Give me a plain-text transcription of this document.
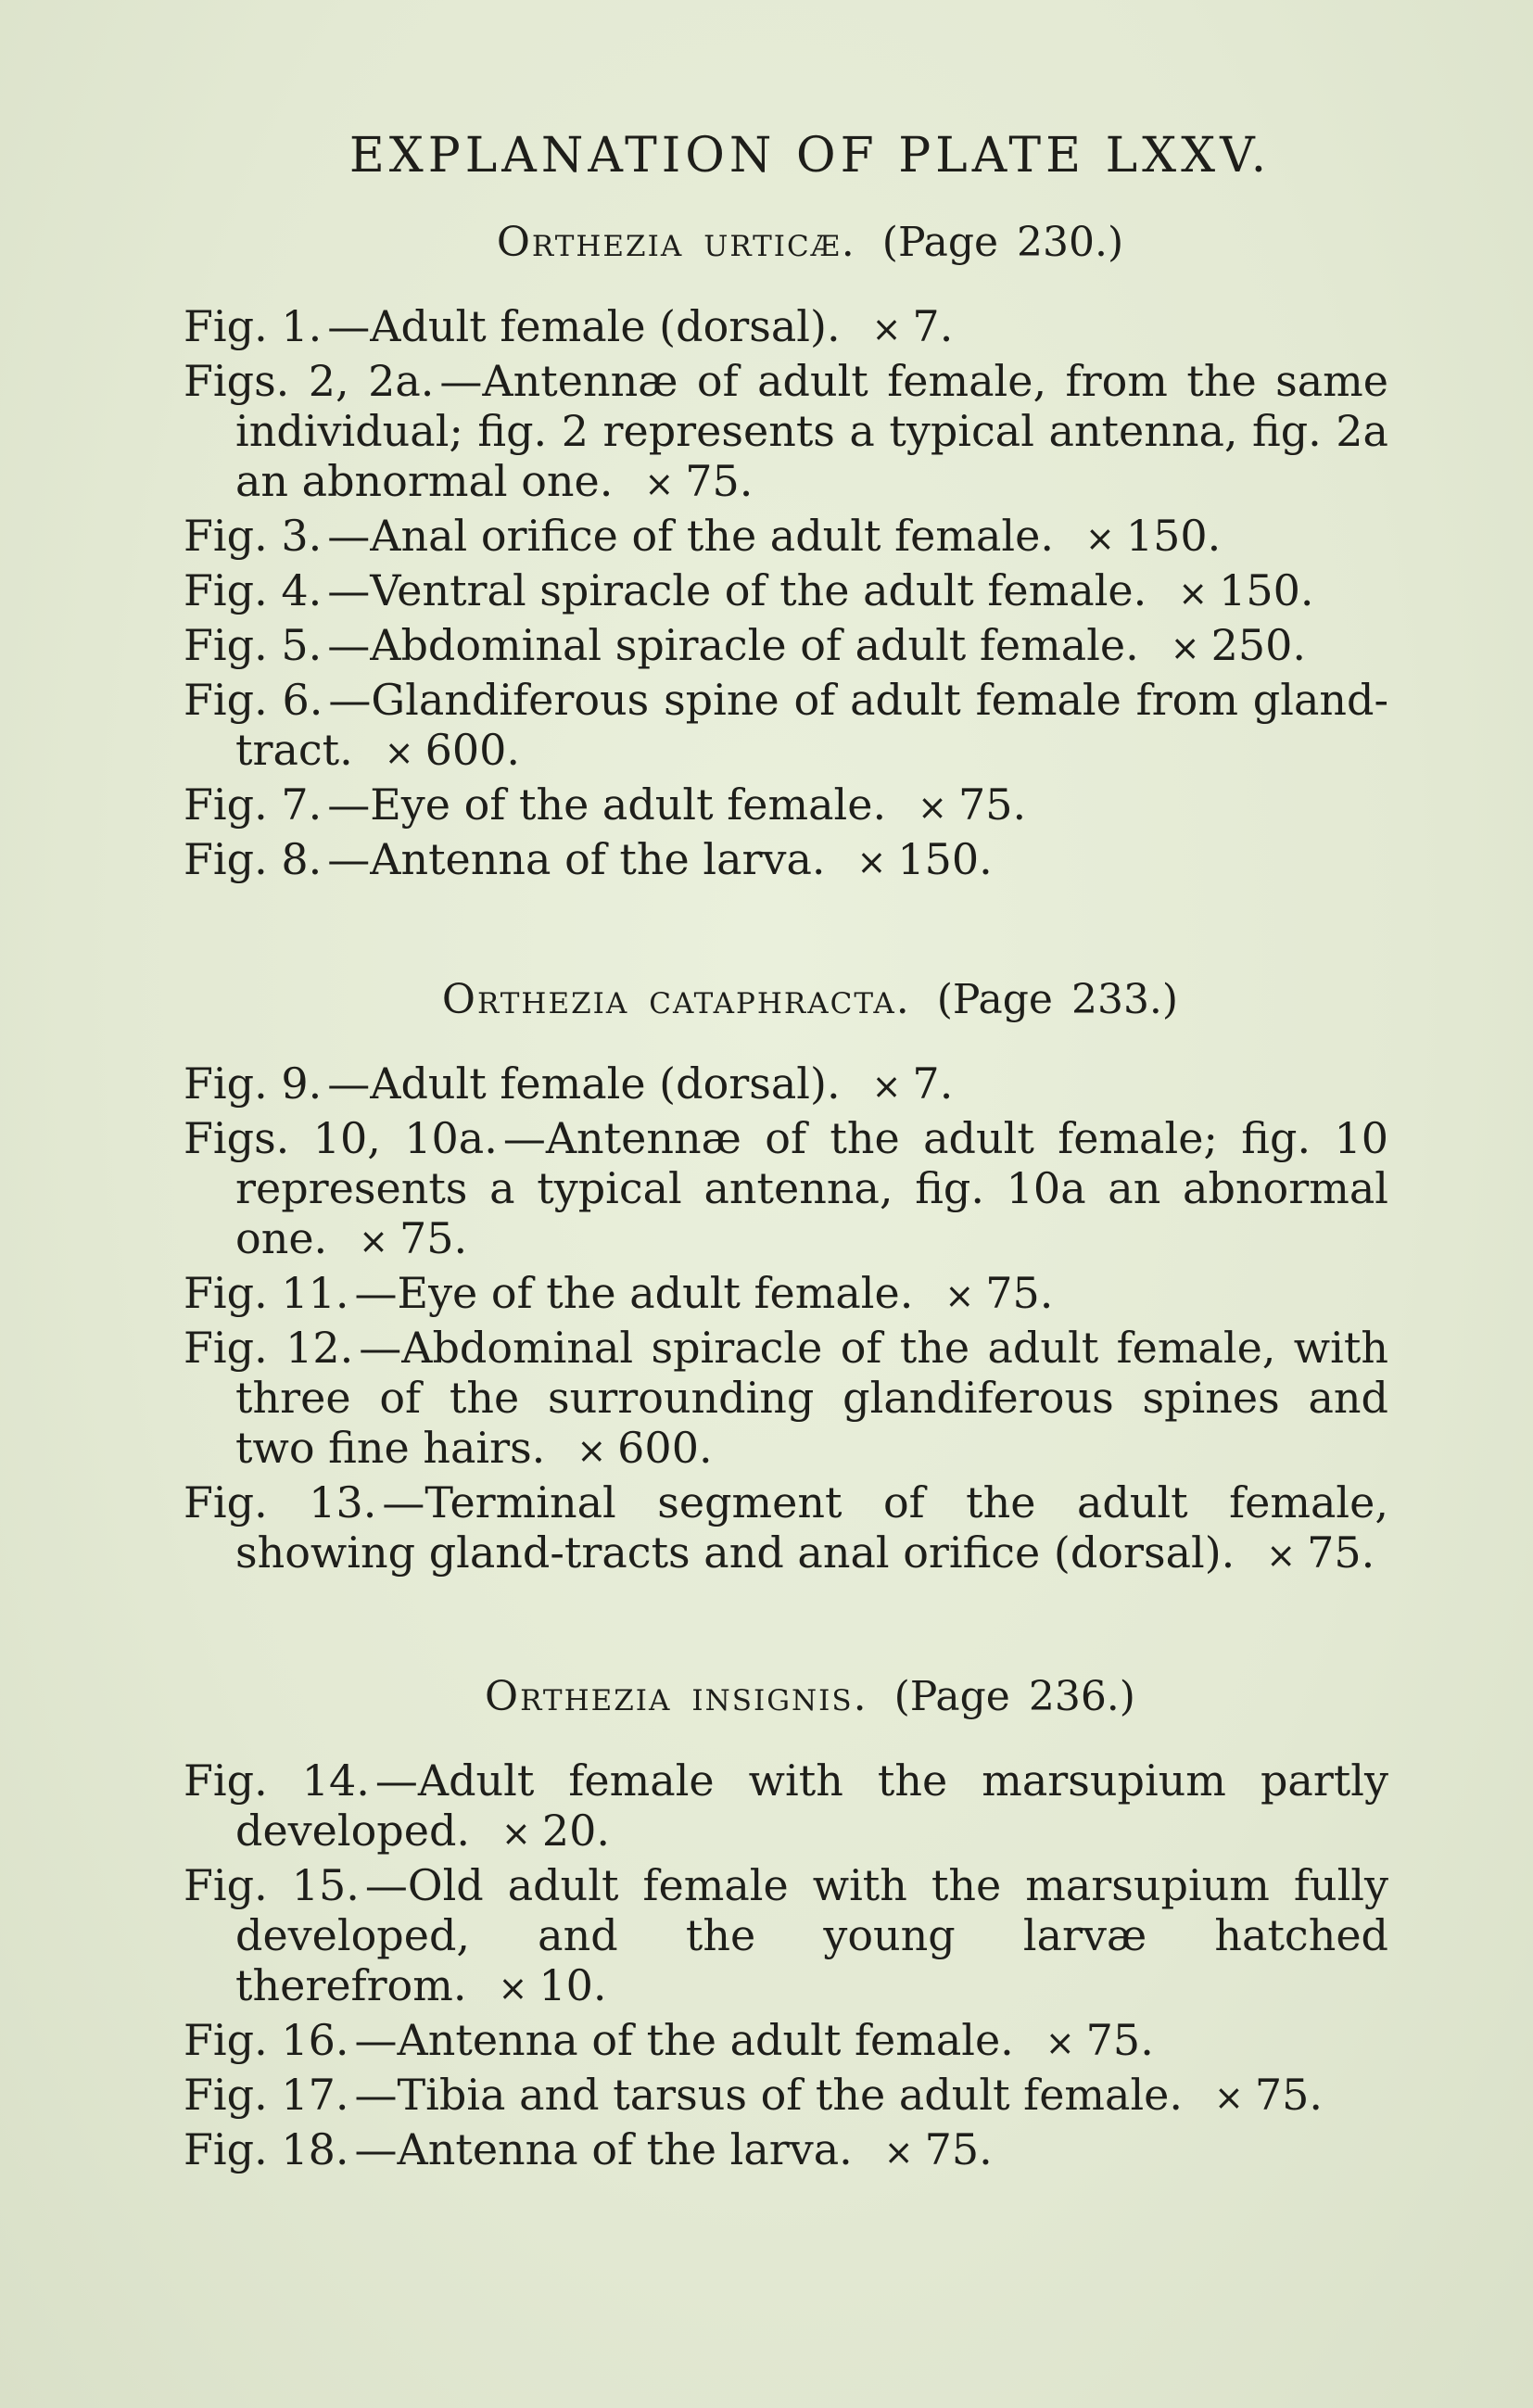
EXPLANATION OF PLATE LXXV.
Orthezia urticæ. (Page 230.)
Fig. 1. —Adult female (dorsal). × 7.
Figs. 2, 2a. —Antennæ of adult female, from the same individual; fig. 2 represents a typical antenna, fig. 2a an abnormal one. × 75.
Fig. 3. —Anal orifice of the adult female. × 150.
Fig. 4. —Ventral spiracle of the adult female. × 150.
Fig. 5. —Abdominal spiracle of adult female. × 250.
Fig. 6. —Glandiferous spine of adult female from gland-tract. × 600.
Fig. 7. —Eye of the adult female. × 75.
Fig. 8. —Antenna of the larva. × 150.
Orthezia cataphracta. (Page 233.)
Fig. 9. —Adult female (dorsal). × 7.
Figs. 10, 10a. —Antennæ of the adult female; fig. 10 represents a typical antenna, fig. 10a an abnormal one. × 75.
Fig. 11. —Eye of the adult female. × 75.
Fig. 12. —Abdominal spiracle of the adult female, with three of the surrounding glandiferous spines and two fine hairs. × 600.
Fig. 13. —Terminal segment of the adult female, showing gland-tracts and anal orifice (dorsal). × 75.
Orthezia insignis. (Page 236.)
Fig. 14. —Adult female with the marsupium partly developed. × 20.
Fig. 15. —Old adult female with the marsupium fully developed, and the young larvæ hatched therefrom. × 10.
Fig. 16. —Antenna of the adult female. × 75.
Fig. 17. —Tibia and tarsus of the adult female. × 75.
Fig. 18. —Antenna of the larva. × 75.
